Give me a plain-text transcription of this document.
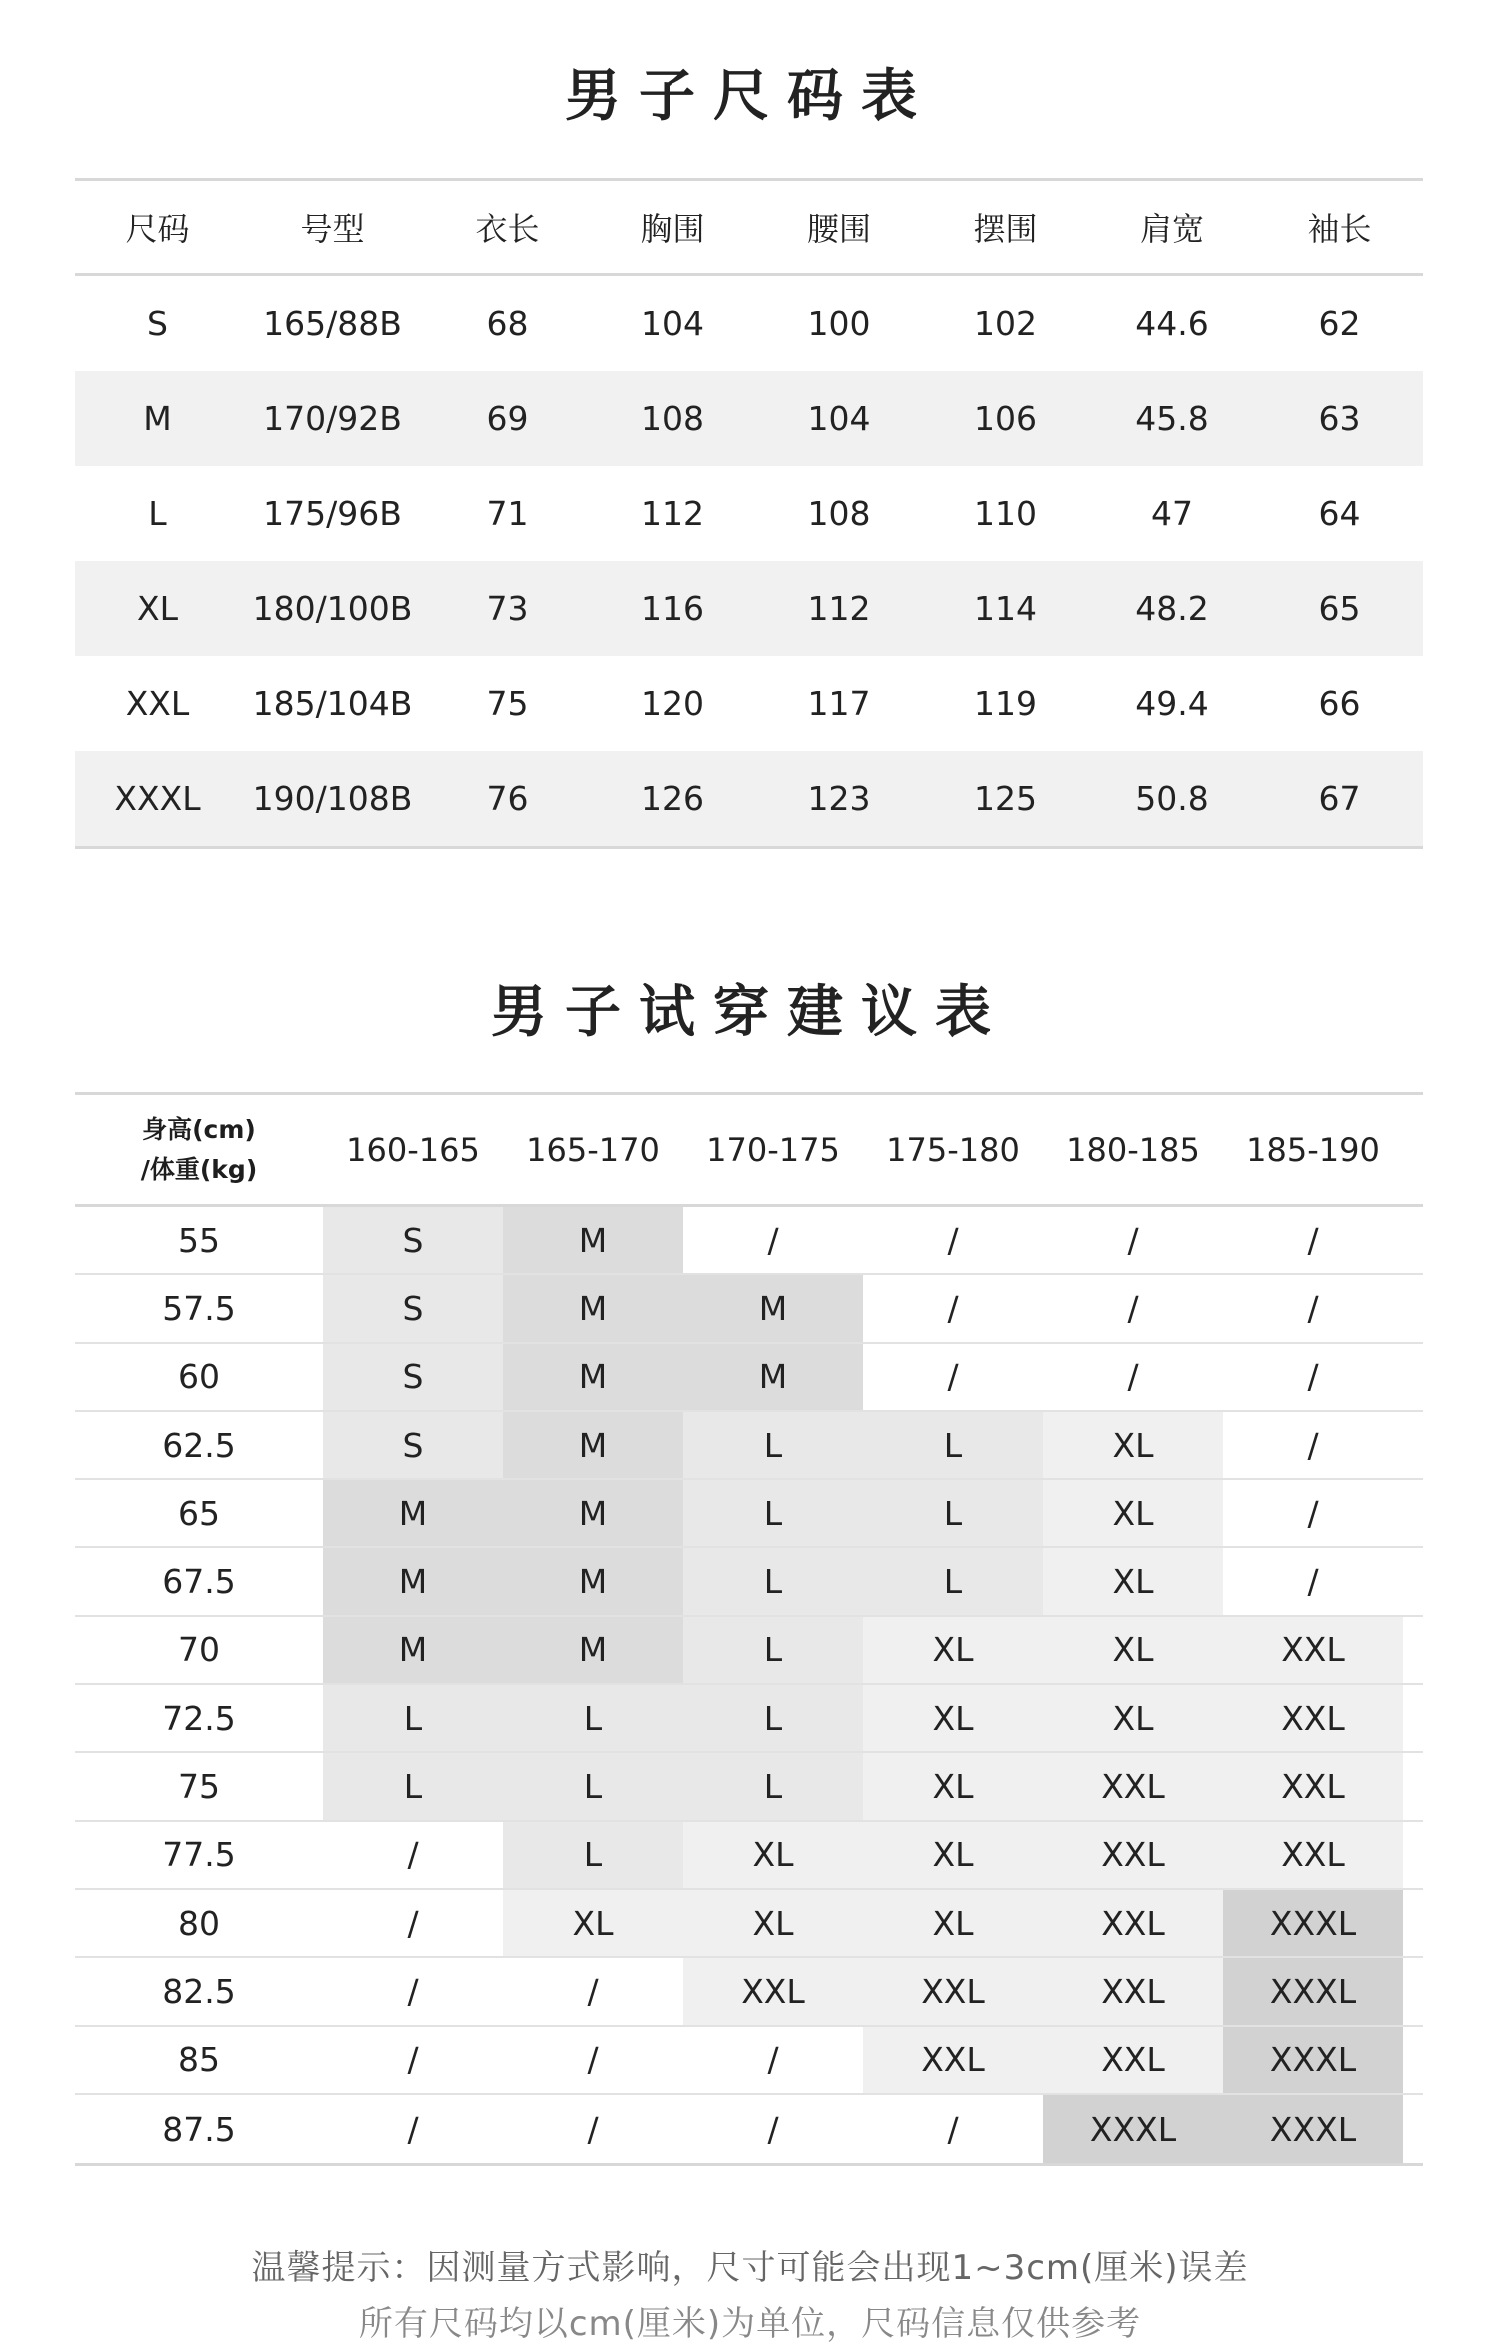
男子尺码表
尺码	号型	衣长	胸围	腰围	摆围	肩宽	袖长
S	165/88B	68	104	100	102	44.6	62
M	170/92B	69	108	104	106	45.8	63
L	175/96B	71	112	108	110	47	64
XL	180/100B	73	116	112	114	48.2	65
XXL	185/104B	75	120	117	119	49.4	66
XXXL	190/108B	76	126	123	125	50.8	67
男子试穿建议表
身高(cm)
/体重(kg)
160-165	165-170	170-175	175-180	180-185	185-190
55	S	M	/	/	/	/
57.5	S	M	M	/	/	/
60	S	M	M	/	/	/
62.5	S	M	L	L	XL	/
65	M	M	L	L	XL	/
67.5	M	M	L	L	XL	/
70	M	M	L	XL	XL	XXL
72.5	L	L	L	XL	XL	XXL
75	L	L	L	XL	XXL	XXL
77.5	/	L	XL	XL	XXL	XXL
80	/	XL	XL	XL	XXL	XXXL
82.5	/	/	XXL	XXL	XXL	XXXL
85	/	/	/	XXL	XXL	XXXL
87.5	/	/	/	/	XXXL	XXXL
温馨提示：因测量方式影响，尺寸可能会出现1~3cm(厘米)误差
所有尺码均以cm(厘米)为单位，尺码信息仅供参考
